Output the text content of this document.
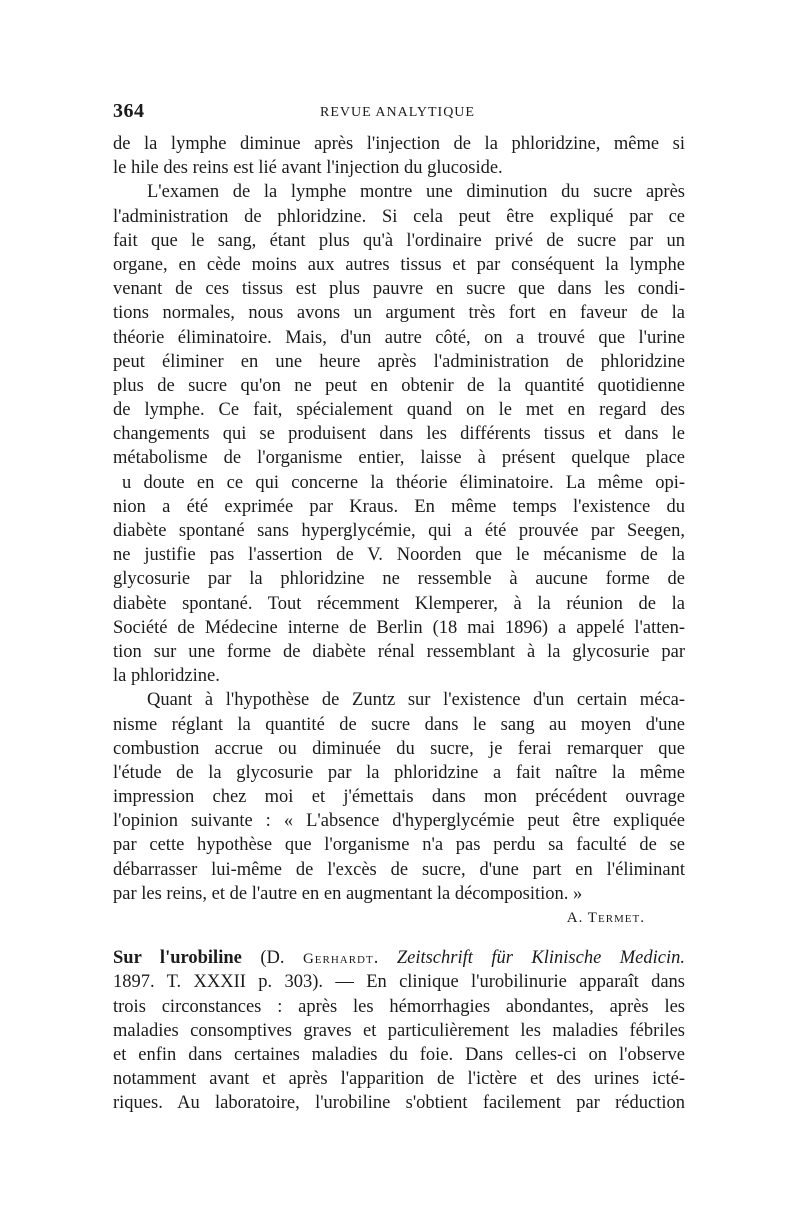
364	REVUE ANALYTIQUE
de la lymphe diminue après l'injection de la phloridzine, même si
le hile des reins est lié avant l'injection du glucoside.
L'examen de la lymphe montre une diminution du sucre après
l'administration de phloridzine. Si cela peut être expliqué par ce
fait que le sang, étant plus qu'à l'ordinaire privé de sucre par un
organe, en cède moins aux autres tissus et par conséquent la lymphe
venant de ces tissus est plus pauvre en sucre que dans les condi-
tions normales, nous avons un argument très fort en faveur de la
théorie éliminatoire. Mais, d'un autre côté, on a trouvé que l'urine
peut éliminer en une heure après l'administration de phloridzine
plus de sucre qu'on ne peut en obtenir de la quantité quotidienne
de lymphe. Ce fait, spécialement quand on le met en regard des
changements qui se produisent dans les différents tissus et dans le
métabolisme de l'organisme entier, laisse à présent quelque place
u doute en ce qui concerne la théorie éliminatoire. La même opi-
nion a été exprimée par Kraus. En même temps l'existence du
diabète spontané sans hyperglycémie, qui a été prouvée par Seegen,
ne justifie pas l'assertion de V. Noorden que le mécanisme de la
glycosurie par la phloridzine ne ressemble à aucune forme de
diabète spontané. Tout récemment Klemperer, à la réunion de la
Société de Médecine interne de Berlin (18 mai 1896) a appelé l'atten-
tion sur une forme de diabète rénal ressemblant à la glycosurie par
la phloridzine.
Quant à l'hypothèse de Zuntz sur l'existence d'un certain méca-
nisme réglant la quantité de sucre dans le sang au moyen d'une
combustion accrue ou diminuée du sucre, je ferai remarquer que
l'étude de la glycosurie par la phloridzine a fait naître la même
impression chez moi et j'émettais dans mon précédent ouvrage
l'opinion suivante : « L'absence d'hyperglycémie peut être expliquée
par cette hypothèse que l'organisme n'a pas perdu sa faculté de se
débarrasser lui-même de l'excès de sucre, d'une part en l'éliminant
par les reins, et de l'autre en en augmentant la décomposition. »
A. Termet.
Sur l'urobiline (D. Gerhardt. Zeitschrift für Klinische Medicin.
1897. T. XXXII p. 303). — En clinique l'urobilinurie apparaît dans
trois circonstances : après les hémorrhagies abondantes, après les
maladies consomptives graves et particulièrement les maladies fébriles
et enfin dans certaines maladies du foie. Dans celles-ci on l'observe
notamment avant et après l'apparition de l'ictère et des urines icté-
riques. Au laboratoire, l'urobiline s'obtient facilement par réduction
